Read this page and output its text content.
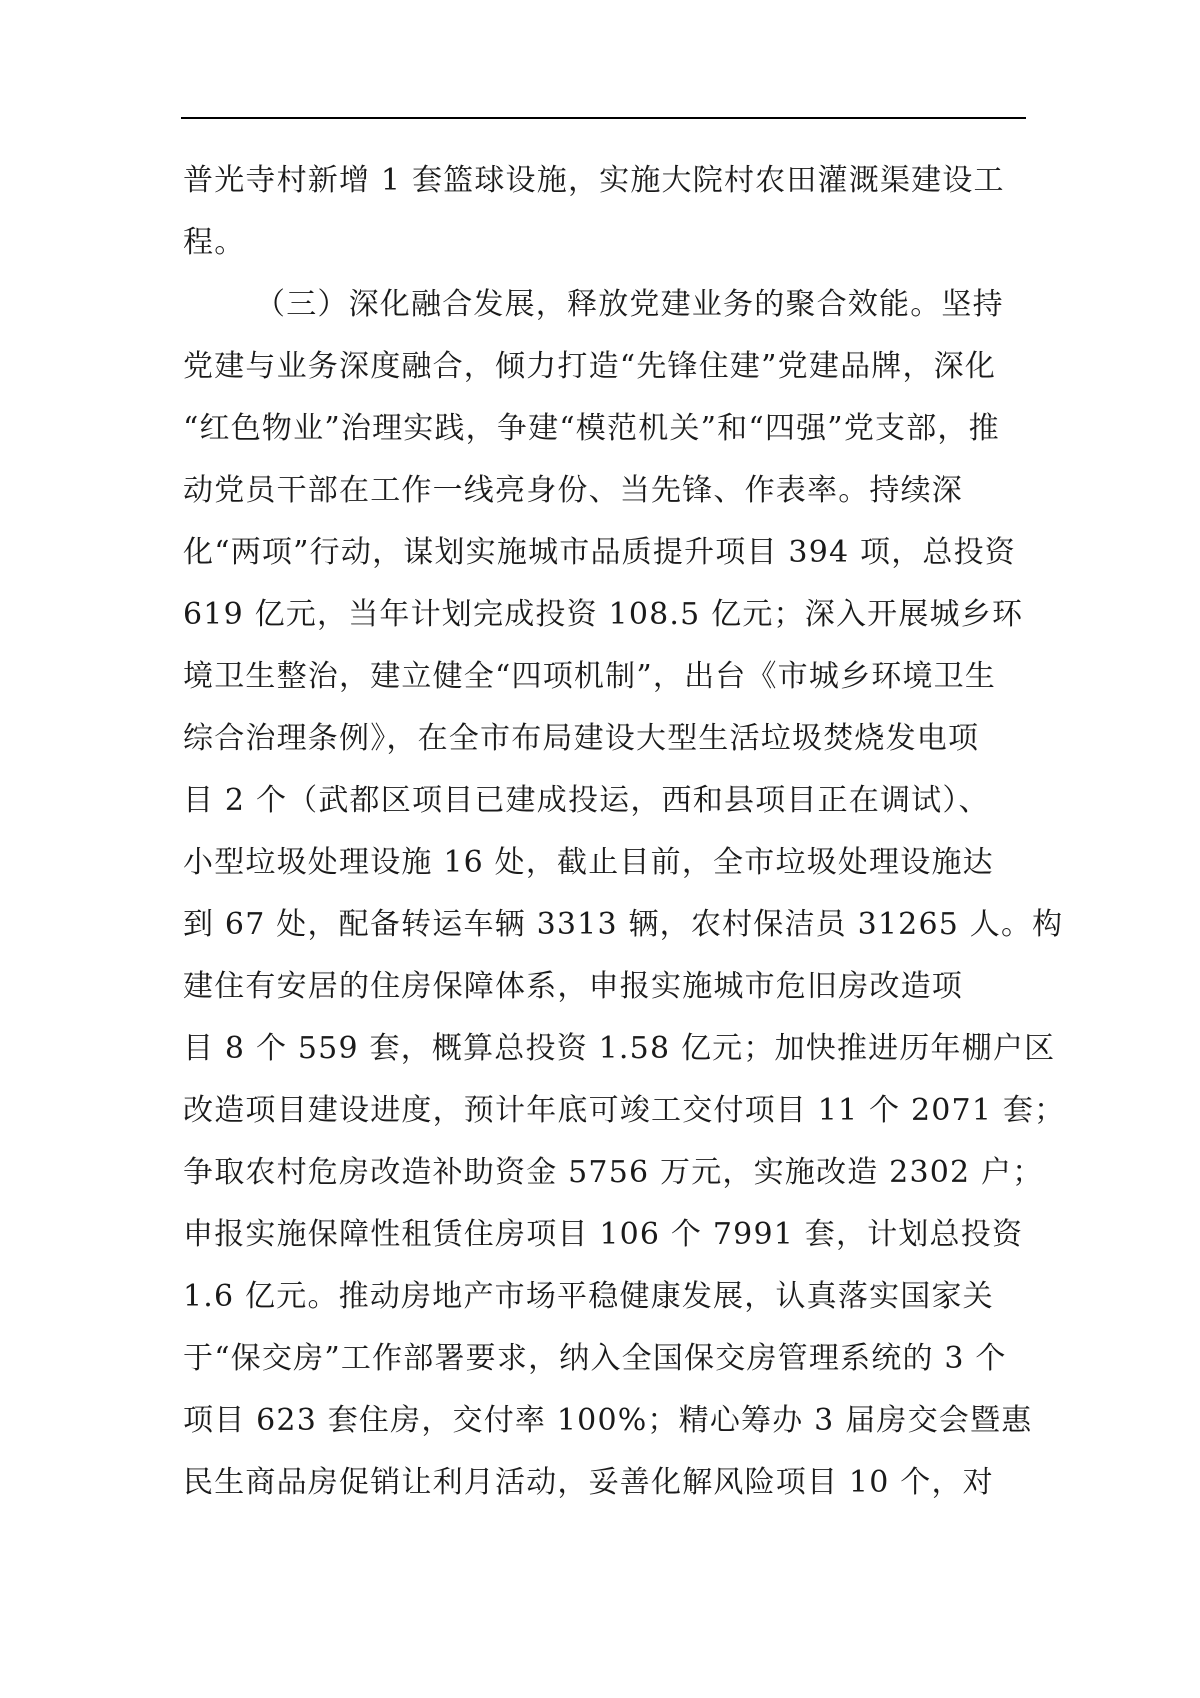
普光寺村新增 1 套篮球设施，实施大院村农田灌溉渠建设工
程。
（三）深化融合发展，释放党建业务的聚合效能。坚持
党建与业务深度融合，倾力打造“先锋住建”党建品牌，深化
“红色物业”治理实践，争建“模范机关”和“四强”党支部，推
动党员干部在工作一线亮身份、当先锋、作表率。持续深
化“两项”行动，谋划实施城市品质提升项目 394 项，总投资
619 亿元，当年计划完成投资 108.5 亿元；深入开展城乡环
境卫生整治，建立健全“四项机制”，出台《市城乡环境卫生
综合治理条例》，在全市布局建设大型生活垃圾焚烧发电项
目 2 个（武都区项目已建成投运，西和县项目正在调试）、
小型垃圾处理设施 16 处，截止目前，全市垃圾处理设施达
到 67 处，配备转运车辆 3313 辆，农村保洁员 31265 人。构
建住有安居的住房保障体系，申报实施城市危旧房改造项
目 8 个 559 套，概算总投资 1.58 亿元；加快推进历年棚户区
改造项目建设进度，预计年底可竣工交付项目 11 个 2071 套；
争取农村危房改造补助资金 5756 万元，实施改造 2302 户；
申报实施保障性租赁住房项目 106 个 7991 套，计划总投资
1.6 亿元。推动房地产市场平稳健康发展，认真落实国家关
于“保交房”工作部署要求，纳入全国保交房管理系统的 3 个
项目 623 套住房，交付率 100%；精心筹办 3 届房交会暨惠
民生商品房促销让利月活动，妥善化解风险项目 10 个，对
